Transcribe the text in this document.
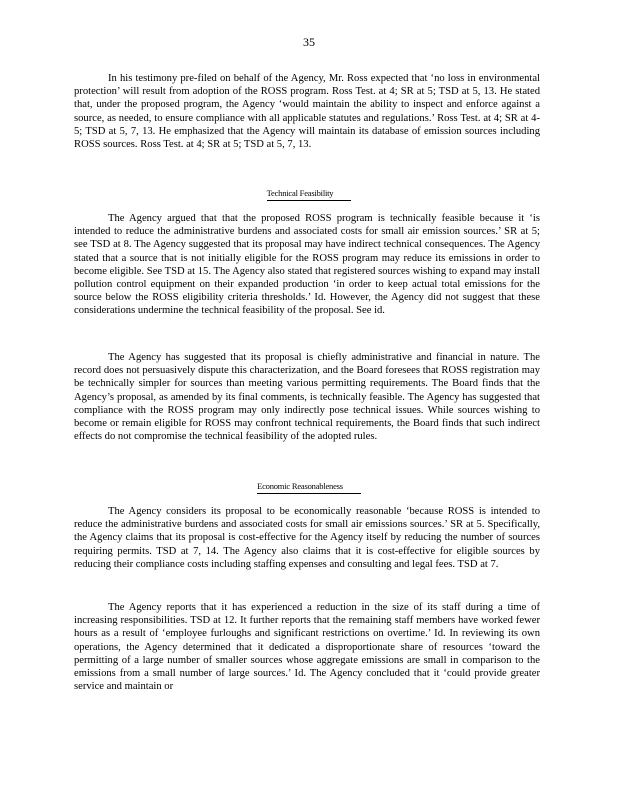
35

In his testimony pre-filed on behalf of the Agency, Mr. Ross expected that ‘no loss in environmental protection’ will result from adoption of the ROSS program. Ross Test. at 4; SR at 5; TSD at 5, 13. He stated that, under the proposed program, the Agency ‘would maintain the ability to inspect and enforce against a source, as needed, to ensure compliance with all applicable statutes and regulations.’ Ross Test. at 4; SR at 4-5; TSD at 5, 7, 13. He emphasized that the Agency will maintain its database of emission sources including ROSS sources. Ross Test. at 4; SR at 5; TSD at 5, 7, 13.

Technical Feasibility

The Agency argued that that the proposed ROSS program is technically feasible because it ‘is intended to reduce the administrative burdens and associated costs for small air emission sources.’ SR at 5; see TSD at 8. The Agency suggested that its proposal may have indirect technical consequences. The Agency stated that a source that is not initially eligible for the ROSS program may reduce its emissions in order to become eligible. See TSD at 15. The Agency also stated that registered sources wishing to expand may install pollution control equipment on their expanded production ‘in order to keep actual total emissions for the source below the ROSS eligibility criteria thresholds.’ Id. However, the Agency did not suggest that these considerations undermine the technical feasibility of the proposal. See id.

The Agency has suggested that its proposal is chiefly administrative and financial in nature. The record does not persuasively dispute this characterization, and the Board foresees that ROSS registration may be technically simpler for sources than meeting various permitting requirements. The Board finds that the Agency’s proposal, as amended by its final comments, is technically feasible. The Agency has suggested that compliance with the ROSS program may only indirectly pose technical issues. While sources wishing to become or remain eligible for ROSS may confront technical requirements, the Board finds that such indirect effects do not compromise the technical feasibility of the adopted rules.

Economic Reasonableness

The Agency considers its proposal to be economically reasonable ‘because ROSS is intended to reduce the administrative burdens and associated costs for small air emissions sources.’ SR at 5. Specifically, the Agency claims that its proposal is cost-effective for the Agency itself by reducing the number of sources requiring permits. TSD at 7, 14. The Agency also claims that it is cost-effective for eligible sources by reducing their compliance costs including staffing expenses and consulting and legal fees. TSD at 7.

The Agency reports that it has experienced a reduction in the size of its staff during a time of increasing responsibilities. TSD at 12. It further reports that the remaining staff members have worked fewer hours as a result of ‘employee furloughs and significant restrictions on overtime.’ Id. In reviewing its own operations, the Agency determined that it dedicated a disproportionate share of resources ‘toward the permitting of a large number of smaller sources whose aggregate emissions are small in comparison to the emissions from a small number of large sources.’ Id. The Agency concluded that it ‘could provide greater service and maintain or
